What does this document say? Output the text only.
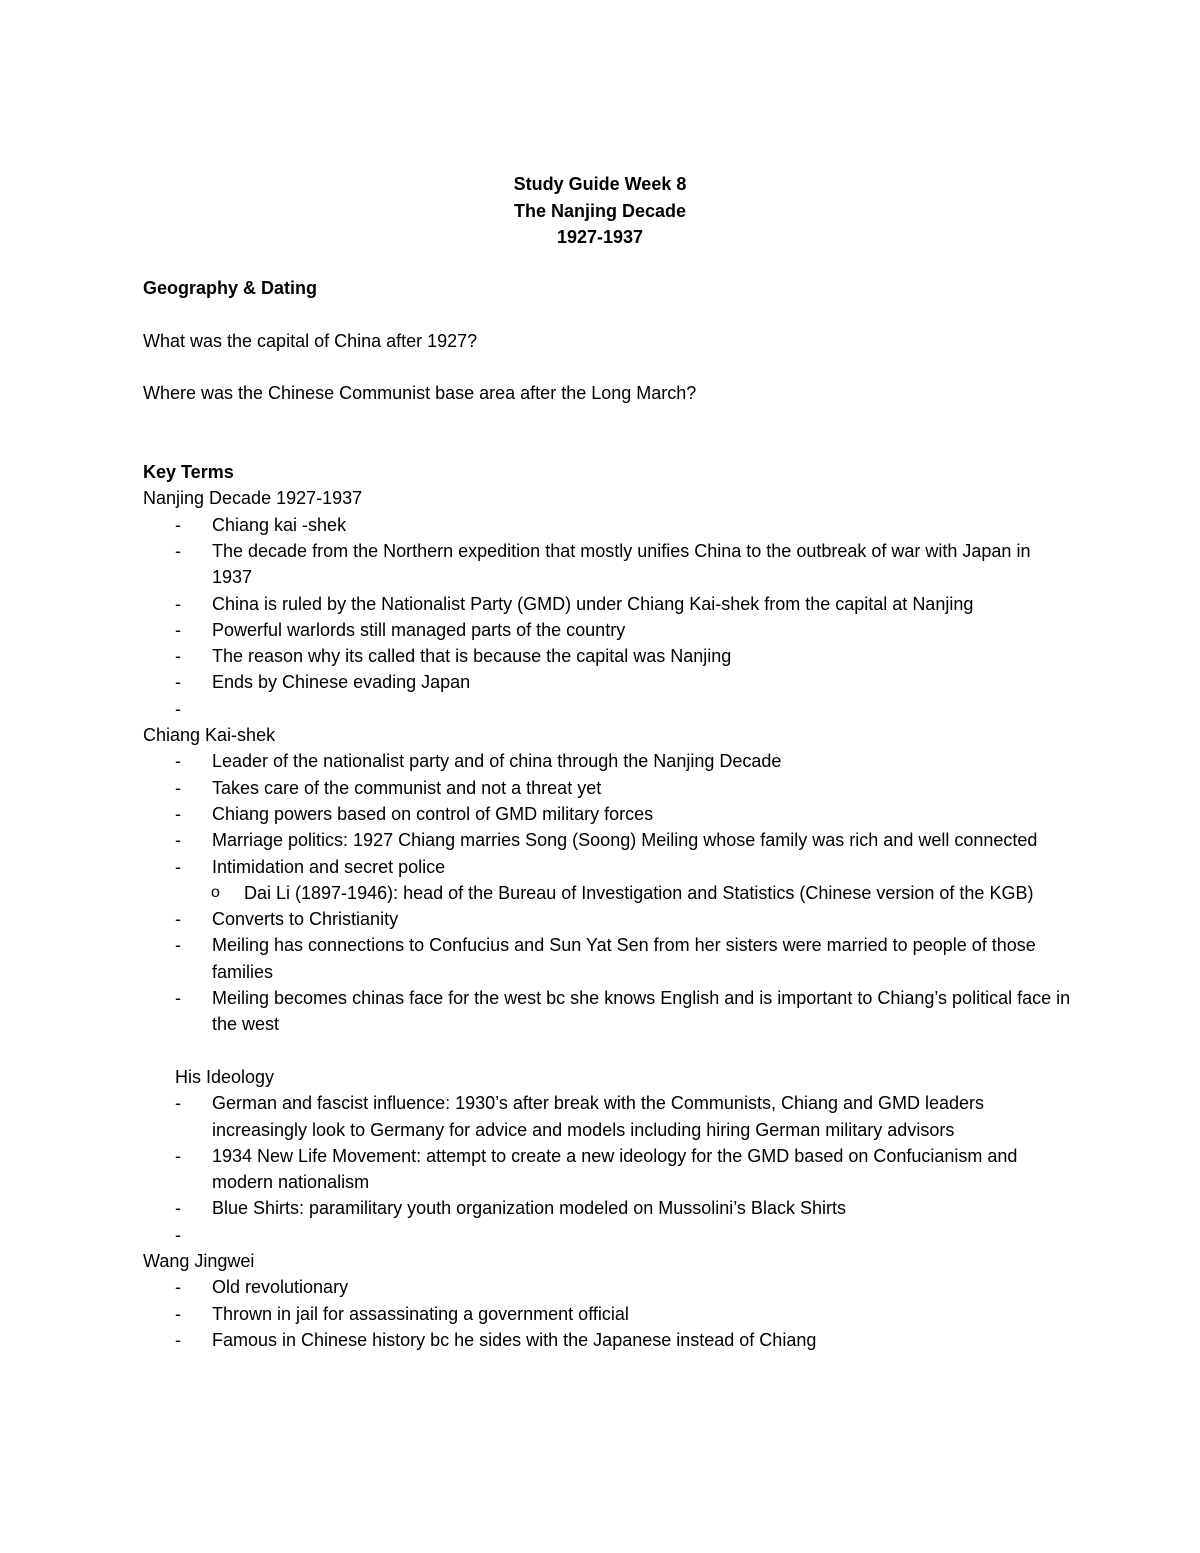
Study Guide Week 8
The Nanjing Decade
1927-1937
Geography & Dating
What was the capital of China after 1927?
Where was the Chinese Communist base area after the Long March?
Key Terms
Nanjing Decade 1927-1937
- Chiang kai -shek
- The decade from the Northern expedition that mostly unifies China to the outbreak of war with Japan in 1937
- China is ruled by the Nationalist Party (GMD) under Chiang Kai-shek from the capital at Nanjing
- Powerful warlords still managed parts of the country
- The reason why its called that is because the capital was Nanjing
- Ends by Chinese evading Japan
-
Chiang Kai-shek
- Leader of the nationalist party and of china through the Nanjing Decade
- Takes care of the communist and not a threat yet
- Chiang powers based on control of GMD military forces
- Marriage politics: 1927 Chiang marries Song (Soong) Meiling whose family was rich and well connected
- Intimidation and secret police
o Dai Li (1897-1946): head of the Bureau of Investigation and Statistics (Chinese version of the KGB)
- Converts to Christianity
- Meiling has connections to Confucius and Sun Yat Sen from her sisters were married to people of those families
- Meiling becomes chinas face for the west bc she knows English and is important to Chiang’s political face in the west
His Ideology
- German and fascist influence: 1930’s after break with the Communists, Chiang and GMD leaders increasingly look to Germany for advice and models including hiring German military advisors
- 1934 New Life Movement: attempt to create a new ideology for the GMD based on Confucianism and modern nationalism
- Blue Shirts: paramilitary youth organization modeled on Mussolini’s Black Shirts
-
Wang Jingwei
- Old revolutionary
- Thrown in jail for assassinating a government official
- Famous in Chinese history bc he sides with the Japanese instead of Chiang
